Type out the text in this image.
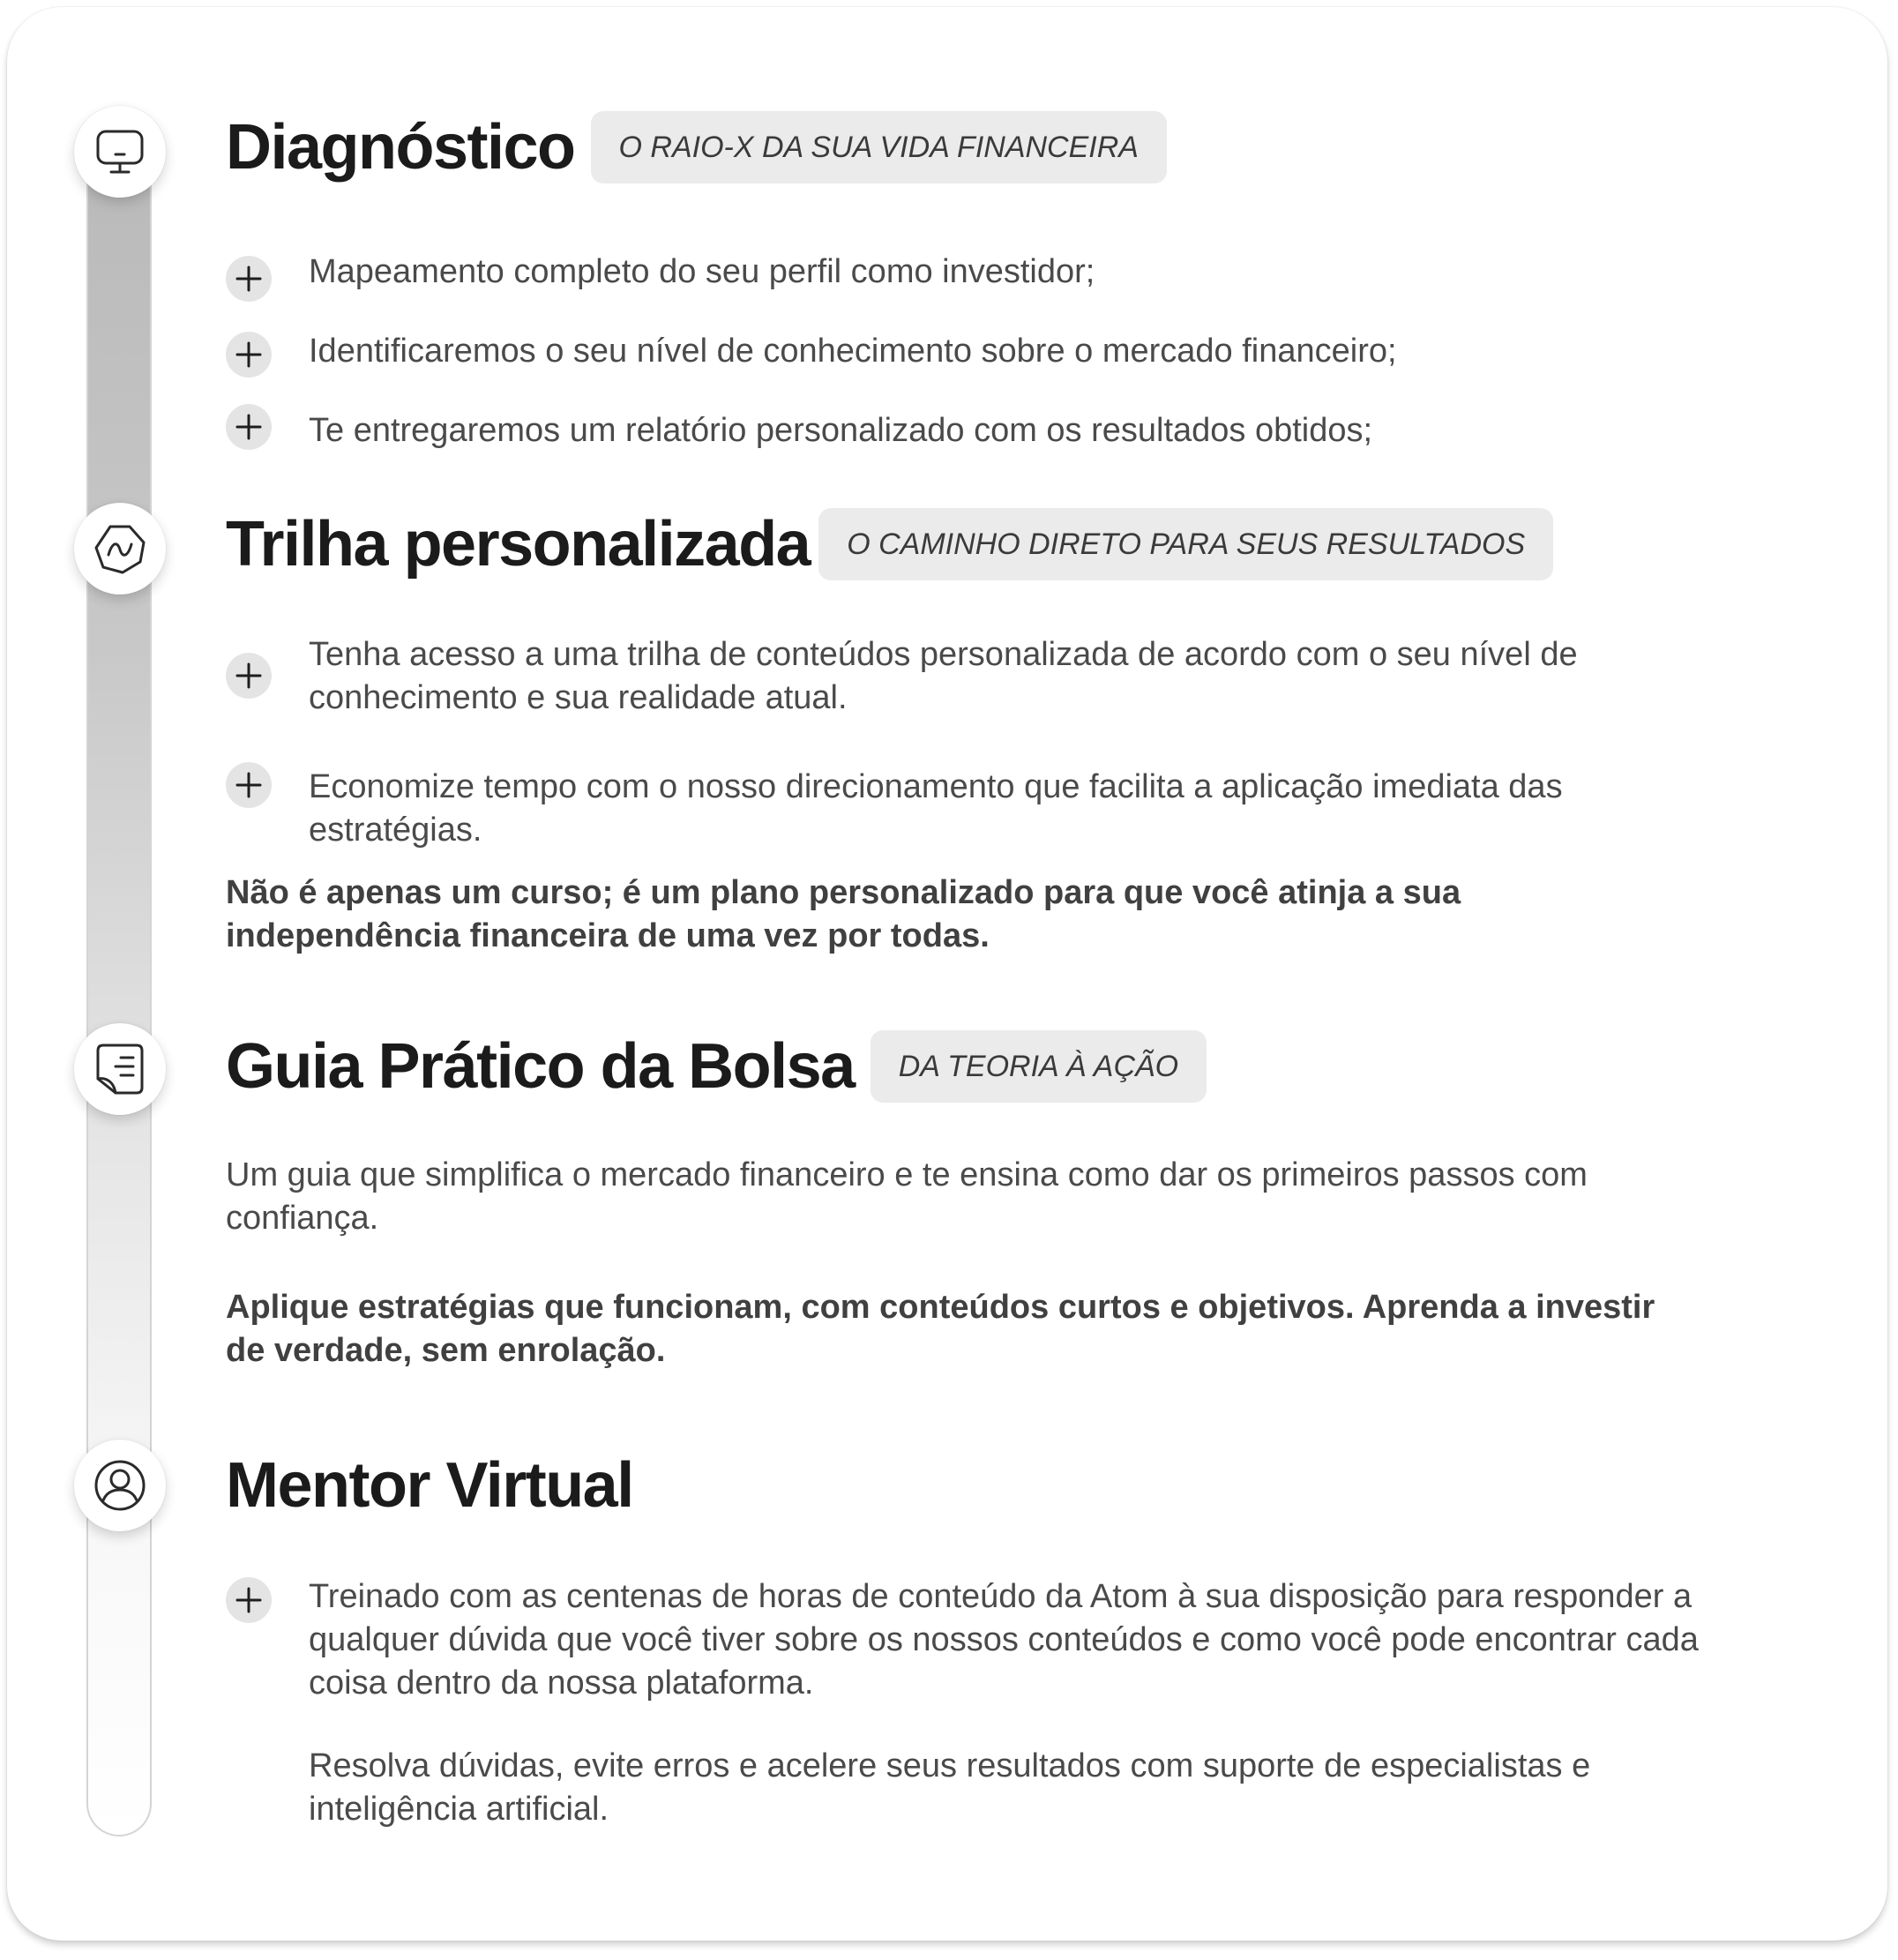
Diagnóstico	O RAIO-X DA SUA VIDA FINANCEIRA
Mapeamento completo do seu perfil como investidor;
Identificaremos o seu nível de conhecimento sobre o mercado financeiro;
Te entregaremos um relatório personalizado com os resultados obtidos;
Trilha personalizada	O CAMINHO DIRETO PARA SEUS RESULTADOS
Tenha acesso a uma trilha de conteúdos personalizada de acordo com o seu nível de conhecimento e sua realidade atual.
Economize tempo com o nosso direcionamento que facilita a aplicação imediata das estratégias.
Não é apenas um curso; é um plano personalizado para que você atinja a sua independência financeira de uma vez por todas.
Guia Prático da Bolsa	DA TEORIA À AÇÃO
Um guia que simplifica o mercado financeiro e te ensina como dar os primeiros passos com confiança.
Aplique estratégias que funcionam, com conteúdos curtos e objetivos. Aprenda a investir de verdade, sem enrolação.
Mentor Virtual
Treinado com as centenas de horas de conteúdo da Atom à sua disposição para responder a qualquer dúvida que você tiver sobre os nossos conteúdos e como você pode encontrar cada coisa dentro da nossa plataforma.
Resolva dúvidas, evite erros e acelere seus resultados com suporte de especialistas e inteligência artificial.
